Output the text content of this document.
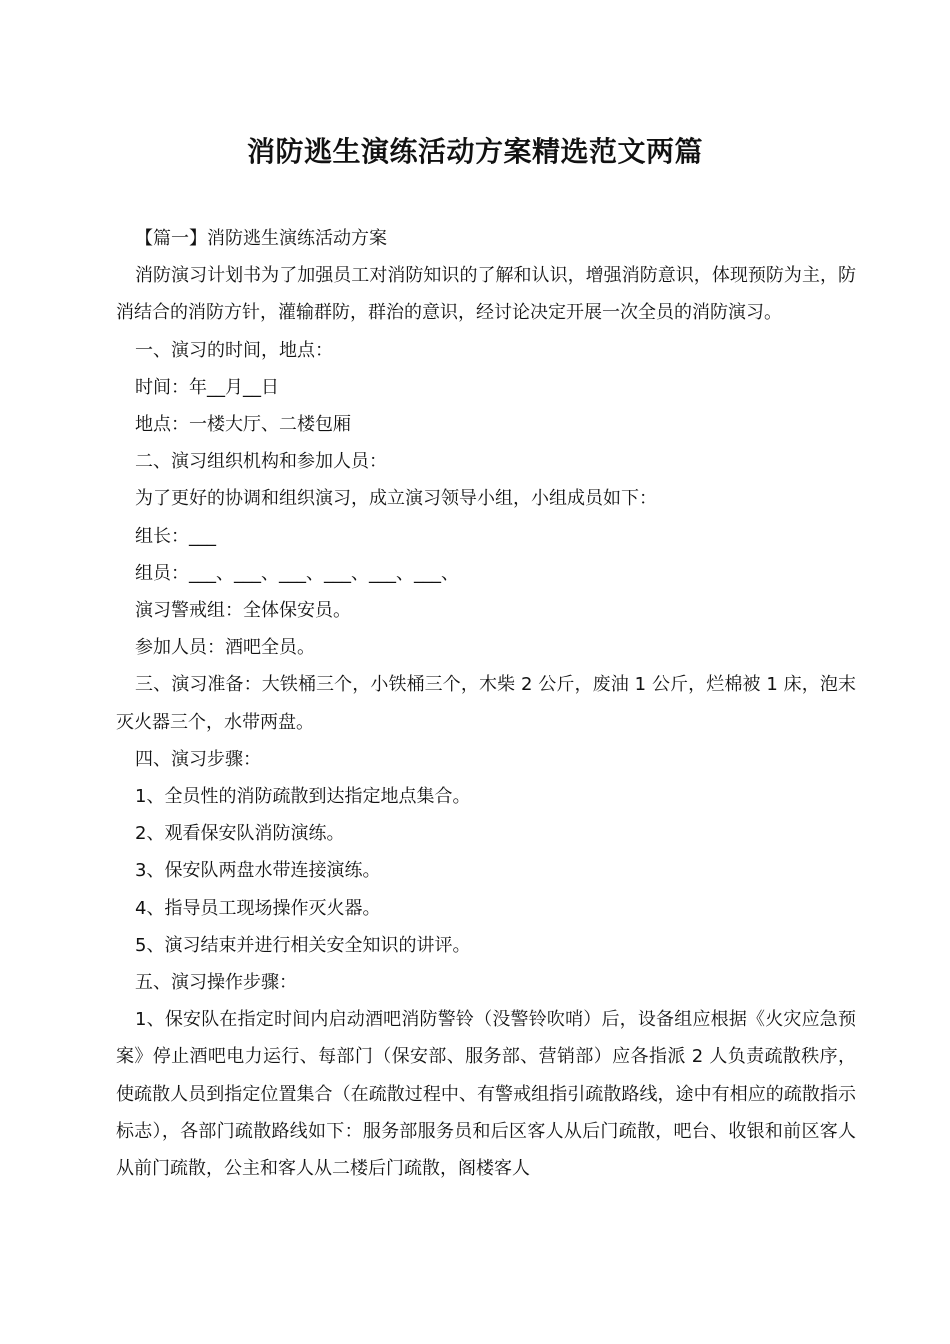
消防逃生演练活动方案精选范文两篇

【篇一】消防逃生演练活动方案

消防演习计划书为了加强员工对消防知识的了解和认识，增强消防意识，体现预防为主，防消结合的消防方针，灌输群防，群治的意识，经讨论决定开展一次全员的消防演习。

一、演习的时间，地点：

时间：年__月__日

地点：一楼大厅、二楼包厢

二、演习组织机构和参加人员：

为了更好的协调和组织演习，成立演习领导小组，小组成员如下：

组长：___

组员：___、___、___、___、___、___、

演习警戒组：全体保安员。

参加人员：酒吧全员。

三、演习准备：大铁桶三个，小铁桶三个，木柴 2 公斤，废油 1 公斤，烂棉被 1 床，泡末灭火器三个，水带两盘。

四、演习步骤：

1、全员性的消防疏散到达指定地点集合。

2、观看保安队消防演练。

3、保安队两盘水带连接演练。

4、指导员工现场操作灭火器。

5、演习结束并进行相关安全知识的讲评。

五、演习操作步骤：

1、保安队在指定时间内启动酒吧消防警铃（没警铃吹哨）后，设备组应根据《火灾应急预案》停止酒吧电力运行、每部门（保安部、服务部、营销部）应各指派 2 人负责疏散秩序，使疏散人员到指定位置集合（在疏散过程中、有警戒组指引疏散路线，途中有相应的疏散指示标志），各部门疏散路线如下：服务部服务员和后区客人从后门疏散，吧台、收银和前区客人从前门疏散，公主和客人从二楼后门疏散，阁楼客人
